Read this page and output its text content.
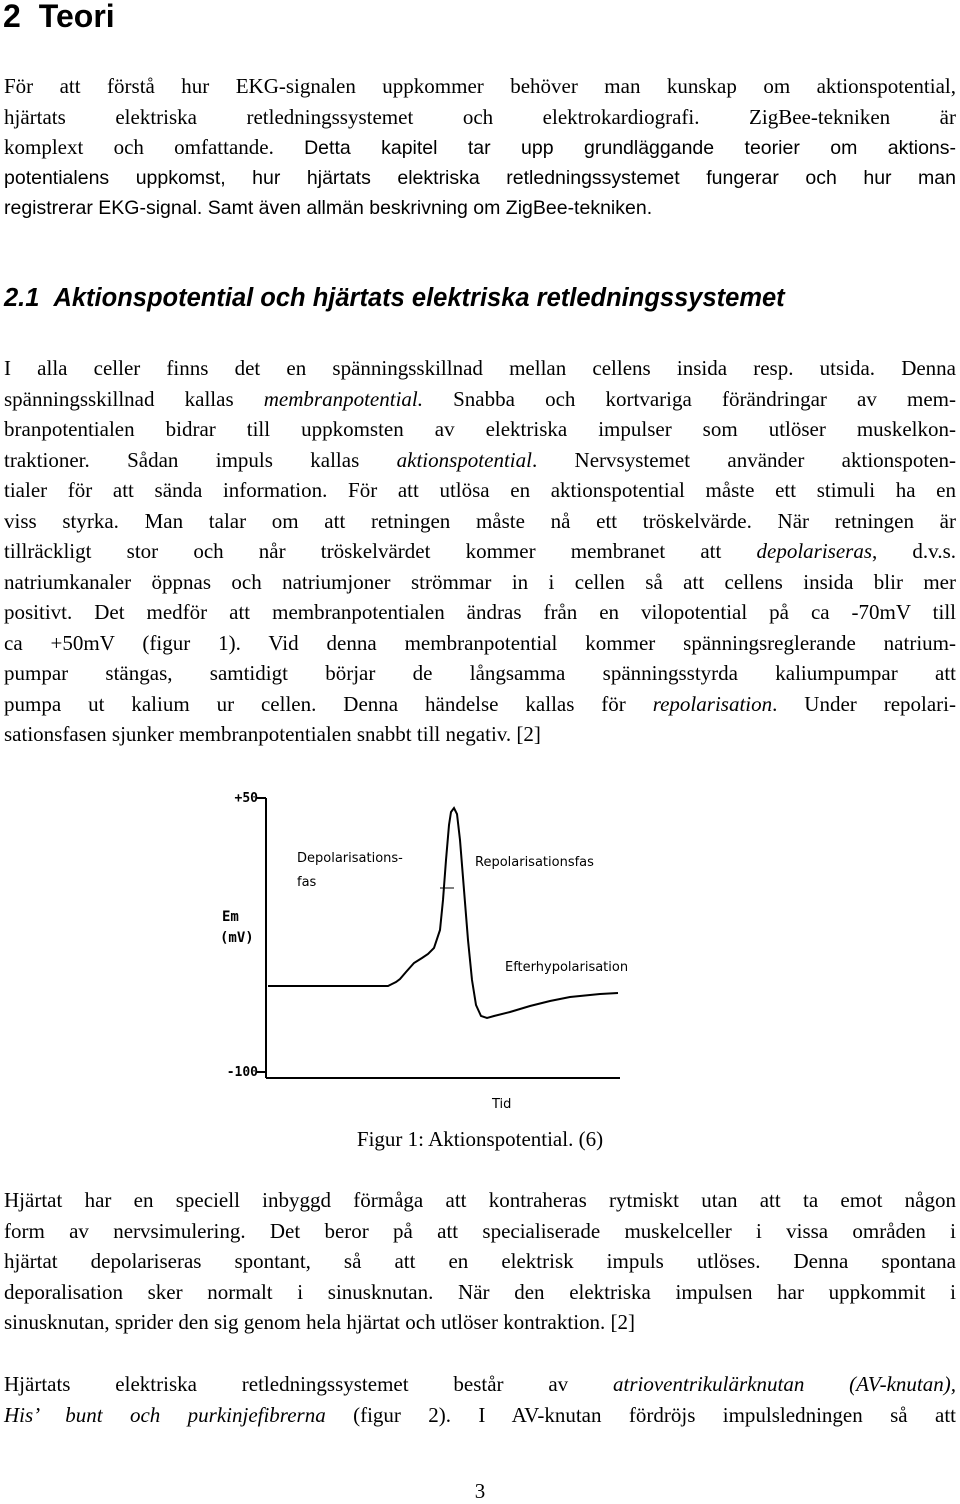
2 Teori
För att förstå hur EKG-signalen uppkommer behöver man kunskap om aktionspotential,
hjärtats elektriska retledningssystemet och elektrokardiografi. ZigBee-tekniken är
komplext och omfattande. Detta kapitel tar upp grundläggande teorier om aktions-
potentialens uppkomst, hur hjärtats elektriska retledningssystemet fungerar och hur man
registrerar EKG-signal. Samt även allmän beskrivning om ZigBee-tekniken.
2.1 Aktionspotential och hjärtats elektriska retledningssystemet
I alla celler finns det en spänningsskillnad mellan cellens insida resp. utsida. Denna
spänningsskillnad kallas membranpotential. Snabba och kortvariga förändringar av mem-
branpotentialen bidrar till uppkomsten av elektriska impulser som utlöser muskelkon-
traktioner. Sådan impuls kallas aktionspotential. Nervsystemet använder aktionspoten-
tialer för att sända information. För att utlösa en aktionspotential måste ett stimuli ha en
viss styrka. Man talar om att retningen måste nå ett tröskelvärde. När retningen är
tillräckligt stor och når tröskelvärdet kommer membranet att depolariseras, d.v.s.
natriumkanaler öppnas och natriumjoner strömmar in i cellen så att cellens insida blir mer
positivt. Det medför att membranpotentialen ändras från en vilopotential på ca -70mV till
ca +50mV (figur 1). Vid denna membranpotential kommer spänningsreglerande natrium-
pumpar stängas, samtidigt börjar de långsamma spänningsstyrda kaliumpumpar att
pumpa ut kalium ur cellen. Denna händelse kallas för repolarisation. Under repolari-
sationsfasen sjunker membranpotentialen snabbt till negativ. [2]
+50
-100
Em
(mV)
Tid
Depolarisations-
fas
Repolarisationsfas
Efterhypolarisation
Figur 1: Aktionspotential. (6)
Hjärtat har en speciell inbyggd förmåga att kontraheras rytmiskt utan att ta emot någon
form av nervsimulering. Det beror på att specialiserade muskelceller i vissa områden i
hjärtat depolariseras spontant, så att en elektrisk impuls utlöses. Denna spontana
deporalisation sker normalt i sinusknutan. När den elektriska impulsen har uppkommit i
sinusknutan, sprider den sig genom hela hjärtat och utlöser kontraktion. [2]
Hjärtats elektriska retledningssystemet består av atrioventrikulärknutan (AV-knutan),
His’ bunt och purkinjefibrerna (figur 2). I AV-knutan fördröjs impulsledningen så att
3
